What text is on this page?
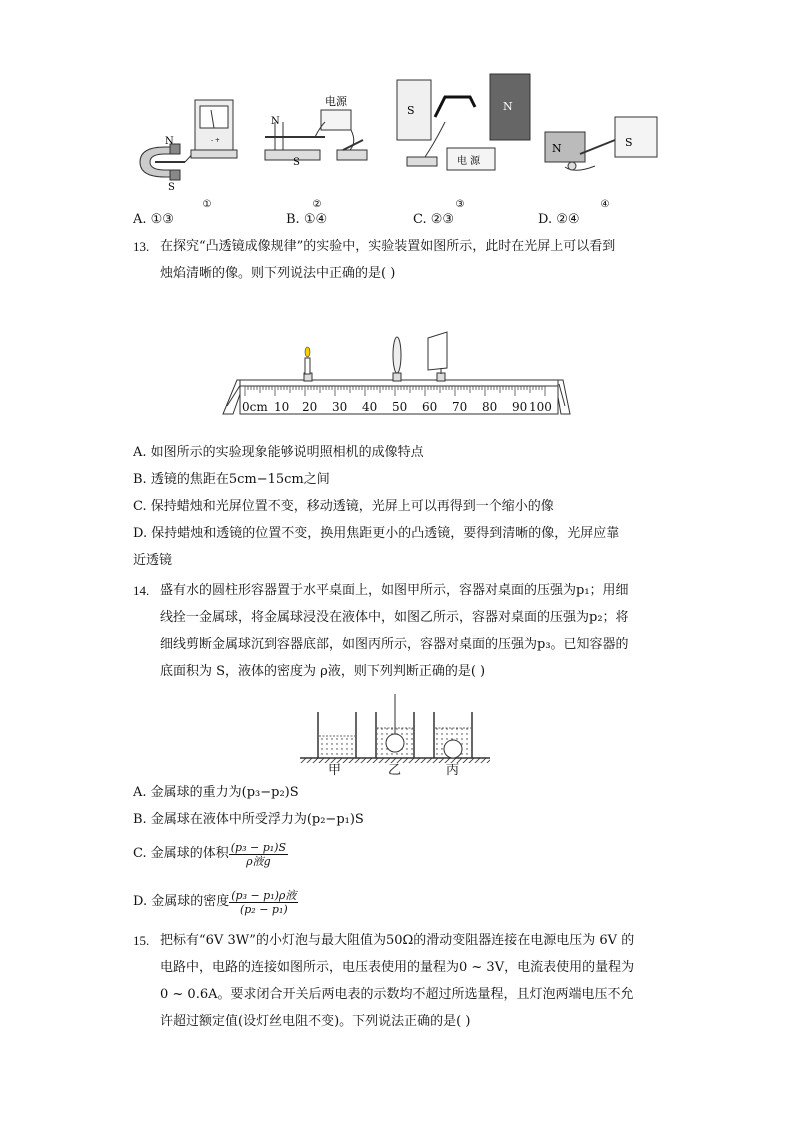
N
S
- +
N
S
电源
S	N
电 源
N	S
①	②	③	④
A. ①③	B. ①④	C. ②③	D. ②④
13. 在探究“凸透镜成像规律”的实验中，实验装置如图所示，此时在光屏上可以看到
烛焰清晰的像。则下列说法中正确的是( )
0cm 10 20 30 40 50 60 70 80 90 100
A. 如图所示的实验现象能够说明照相机的成像特点
B. 透镜的焦距在5cm−15cm之间
C. 保持蜡烛和光屏位置不变，移动透镜，光屏上可以再得到一个缩小的像
D. 保持蜡烛和透镜的位置不变，换用焦距更小的凸透镜，要得到清晰的像，光屏应靠
近透镜
14. 盛有水的圆柱形容器置于水平桌面上，如图甲所示，容器对桌面的压强为p₁；用细
线拴一金属球，将金属球浸没在液体中，如图乙所示，容器对桌面的压强为p₂；将
细线剪断金属球沉到容器底部，如图丙所示，容器对桌面的压强为p₃。已知容器的
底面积为 S，液体的密度为 ρ液，则下列判断正确的是( )
甲	乙	丙
A. 金属球的重力为(p₃−p₂)S
B. 金属球在液体中所受浮力为(p₂−p₁)S
C. 金属球的体积 $\frac{\text{(p₃ − p₁)S}}{\text{ρ液g}}$
D. 金属球的密度 $\frac{\text{(p₃ − p₁)ρ液}}{\text{(p₂ − p₁)}}$
15. 把标有“6V 3W”的小灯泡与最大阻值为50Ω的滑动变阻器连接在电源电压为 6V 的
电路中，电路的连接如图所示，电压表使用的量程为0 ~ 3V，电流表使用的量程为
0 ~ 0.6A。要求闭合开关后两电表的示数均不超过所选量程，且灯泡两端电压不允
许超过额定值(设灯丝电阻不变)。下列说法正确的是( )
